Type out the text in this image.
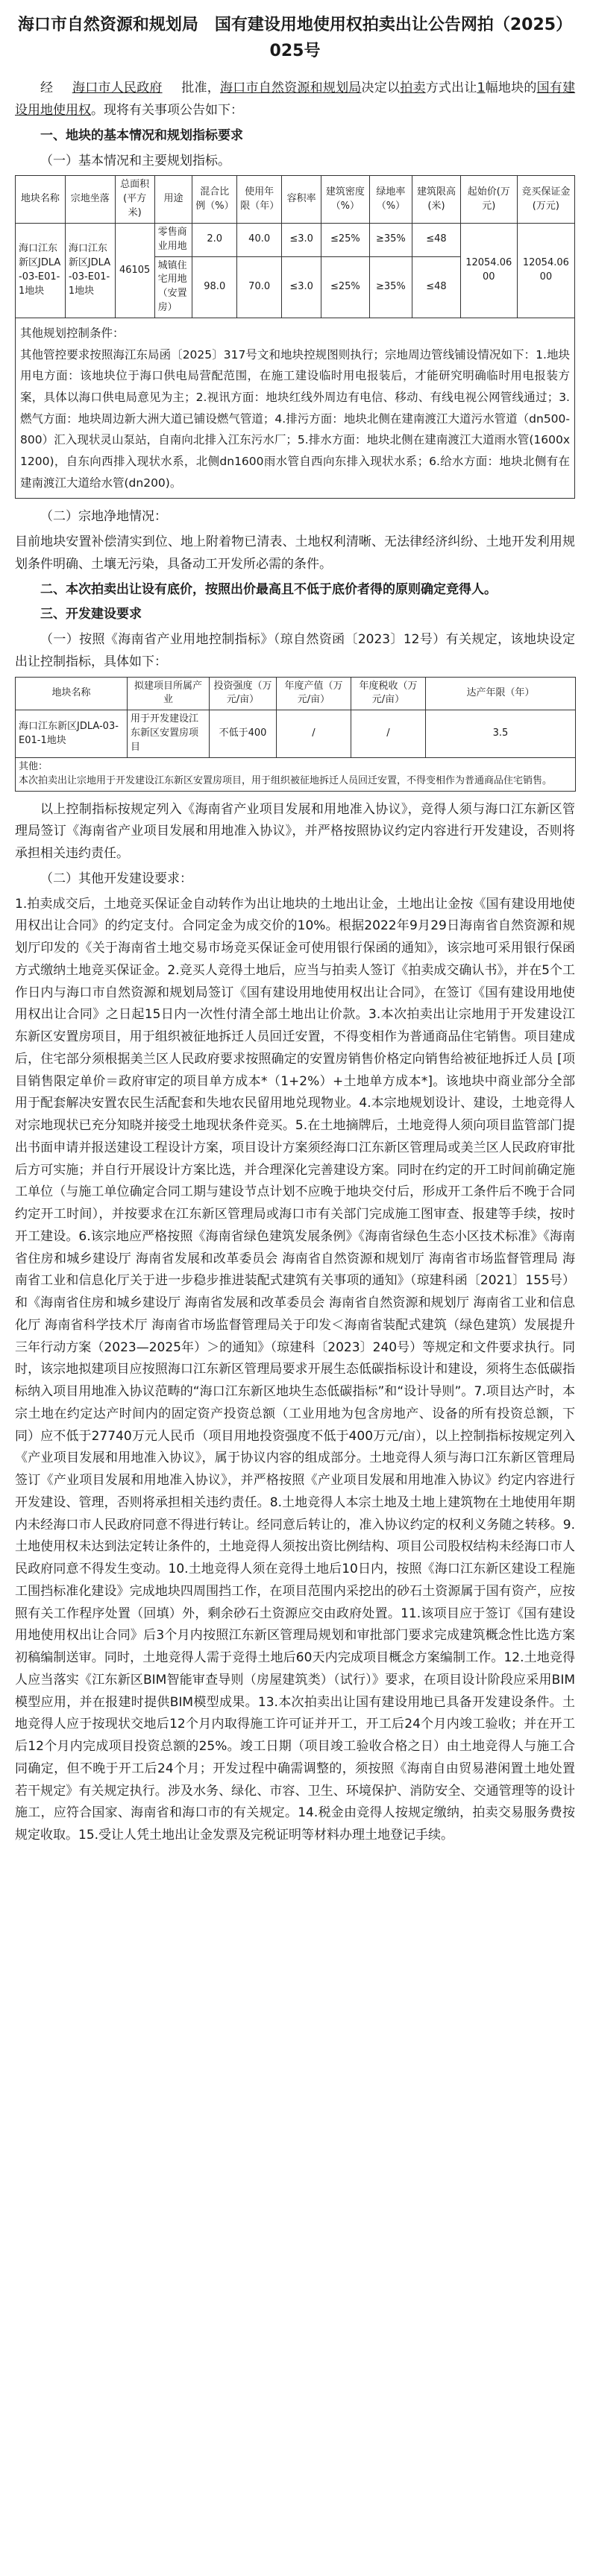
海口市自然资源和规划局　国有建设用地使用权拍卖出让公告网拍（2025）025号

经 海口市人民政府 批准，海口市自然资源和规划局决定以拍卖方式出让1幅地块的国有建设用地使用权。现将有关事项公告如下：

一、地块的基本情况和规划指标要求
（一）基本情况和主要规划指标。
地块名称	宗地坐落	总面积(平方米)	用途	混合比例（%）	使用年限（年）	容积率	建筑密度（%）	绿地率（%）	建筑限高(米)	起始价(万元)	竞买保证金(万元)
海口江东新区JDLA-03-E01-1地块	海口江东新区JDLA-03-E01-1地块	46105	零售商业用地	2.0	40.0	≤3.0	≤25%	≥35%	≤48	12054.0600	12054.0600
			城镇住宅用地（安置房）	98.0	70.0	≤3.0	≤25%	≥35%	≤48		

其他规划控制条件：
其他管控要求按照海江东局函〔2025〕317号文和地块控规图则执行；宗地周边管线铺设情况如下：1.地块用电方面：该地块位于海口供电局营配范围，在施工建设临时用电报装后，才能研究明确临时用电报装方案，具体以海口供电局意见为主；2.视讯方面：地块红线外周边有电信、移动、有线电视公网管线通过；3.燃气方面：地块周边新大洲大道已铺设燃气管道；4.排污方面：地块北侧在建南渡江大道污水管道（dn500-800）汇入现状灵山泵站，自南向北排入江东污水厂；5.排水方面：地块北侧在建南渡江大道雨水管(1600x1200)，自东向西排入现状水系，北侧dn1600雨水管自西向东排入现状水系；6.给水方面：地块北侧有在建南渡江大道给水管(dn200)。											
（二）宗地净地情况：

目前地块安置补偿清实到位、地上附着物已清表、土地权利清晰、无法律经济纠纷、土地开发利用规划条件明确、土壤无污染，具备动工开发所必需的条件。

二、本次拍卖出让设有底价，按照出价最高且不低于底价者得的原则确定竞得人。
三、开发建设要求

（一）按照《海南省产业用地控制指标》（琼自然资函〔2023〕12号）有关规定，该地块设定出让控制指标，具体如下：

地块名称	拟建项目所属产业	投资强度（万元/亩）	年度产值（万元/亩）	年度税收（万元/亩）	达产年限（年）
海口江东新区JDLA-03-E01-1地块	用于开发建设江东新区安置房项目	不低于400	/	/	3.5

其他：
本次拍卖出让宗地用于开发建设江东新区安置房项目，用于组织被征地拆迁人员回迁安置，不得变相作为普通商品住宅销售。					

以上控制指标按规定列入《海南省产业项目发展和用地准入协议》，竞得人须与海口江东新区管理局签订《海南省产业项目发展和用地准入协议》，并严格按照协议约定内容进行开发建设，否则将承担相关违约责任。

（二）其他开发建设要求：

1.拍卖成交后，土地竞买保证金自动转作为出让地块的土地出让金，土地出让金按《国有建设用地使用权出让合同》的约定支付。合同定金为成交价的10%。根据2022年9月29日海南省自然资源和规划厅印发的《关于海南省土地交易市场竞买保证金可使用银行保函的通知》，该宗地可采用银行保函方式缴纳土地竞买保证金。2.竞买人竞得土地后，应当与拍卖人签订《拍卖成交确认书》，并在5个工作日内与海口市自然资源和规划局签订《国有建设用地使用权出让合同》，在签订《国有建设用地使用权出让合同》之日起15日内一次性付清全部土地出让价款。3.本次拍卖出让宗地用于开发建设江东新区安置房项目，用于组织被征地拆迁人员回迁安置，不得变相作为普通商品住宅销售。项目建成后，住宅部分须根据美兰区人民政府要求按照确定的安置房销售价格定向销售给被征地拆迁人员 [项目销售限定单价＝政府审定的项目单方成本*（1+2%）+土地单方成本*]。该地块中商业部分全部用于配套解决安置农民生活配套和失地农民留用地兑现物业。4.本宗地规划设计、建设，土地竞得人对宗地现状已充分知晓并接受土地现状条件竞买。5.在土地摘牌后，土地竞得人须向项目监管部门提出书面申请并报送建设工程设计方案，项目设计方案须经海口江东新区管理局或美兰区人民政府审批后方可实施；并自行开展设计方案比选，并合理深化完善建设方案。同时在约定的开工时间前确定施工单位（与施工单位确定合同工期与建设节点计划不应晚于地块交付后，形成开工条件后不晚于合同约定开工时间），并按要求在江东新区管理局或海口市有关部门完成施工图审查、报建等手续，按时开工建设。6.该宗地应严格按照《海南省绿色建筑发展条例》《海南省绿色生态小区技术标准》《海南省住房和城乡建设厅 海南省发展和改革委员会 海南省自然资源和规划厅 海南省市场监督管理局 海南省工业和信息化厅关于进一步稳步推进装配式建筑有关事项的通知》（琼建科函〔2021〕155号）和《海南省住房和城乡建设厅 海南省发展和改革委员会 海南省自然资源和规划厅 海南省工业和信息化厅 海南省科学技术厅 海南省市场监督管理局关于印发＜海南省装配式建筑（绿色建筑）发展提升三年行动方案（2023—2025年）＞的通知》（琼建科〔2023〕240号）等规定和文件要求执行。同时，该宗地拟建项目应按照海口江东新区管理局要求开展生态低碳指标设计和建设，须将生态低碳指标纳入项目用地准入协议范畴的“海口江东新区地块生态低碳指标”和“设计导则”。7.项目达产时，本宗土地在约定达产时间内的固定资产投资总额（工业用地为包含房地产、设备的所有投资总额，下同）应不低于27740万元人民币（项目用地投资强度不低于400万元/亩），以上控制指标按规定列入《产业项目发展和用地准入协议》，属于协议内容的组成部分。土地竞得人须与海口江东新区管理局签订《产业项目发展和用地准入协议》，并严格按照《产业项目发展和用地准入协议》约定内容进行开发建设、管理，否则将承担相关违约责任。8.土地竞得人本宗土地及土地上建筑物在土地使用年期内未经海口市人民政府同意不得进行转让。经同意后转让的，准入协议约定的权利义务随之转移。9.土地使用权未达到法定转让条件的，土地竞得人须按出资比例结构、项目公司股权结构未经海口市人民政府同意不得发生变动。10.土地竞得人须在竞得土地后10日内，按照《海口江东新区建设工程施工围挡标准化建设》完成地块四周围挡工作，在项目范围内采挖出的砂石土资源属于国有资产，应按照有关工作程序处置（回填）外，剩余砂石土资源应交由政府处置。11.该项目应于签订《国有建设用地使用权出让合同》后3个月内按照江东新区管理局规划和审批部门要求完成建筑概念性比选方案初稿编制送审。同时，土地竞得人需于竞得土地后60天内完成项目概念方案编制工作。12.土地竞得人应当落实《江东新区BIM智能审查导则（房屋建筑类）（试行）》要求，在项目设计阶段应采用BIM模型应用，并在报建时提供BIM模型成果。13.本次拍卖出让国有建设用地已具备开发建设条件。土地竞得人应于按现状交地后12个月内取得施工许可证并开工，开工后24个月内竣工验收；并在开工后12个月内完成项目投资总额的25%。竣工日期（项目竣工验收合格之日）由土地竞得人与施工合同确定，但不晚于开工后24个月；开发过程中确需调整的，须按照《海南自由贸易港闲置土地处置若干规定》有关规定执行。涉及水务、绿化、市容、卫生、环境保护、消防安全、交通管理等的设计施工，应符合国家、海南省和海口市的有关规定。14.税金由竞得人按规定缴纳，拍卖交易服务费按规定收取。15.受让人凭土地出让金发票及完税证明等材料办理土地登记手续。
